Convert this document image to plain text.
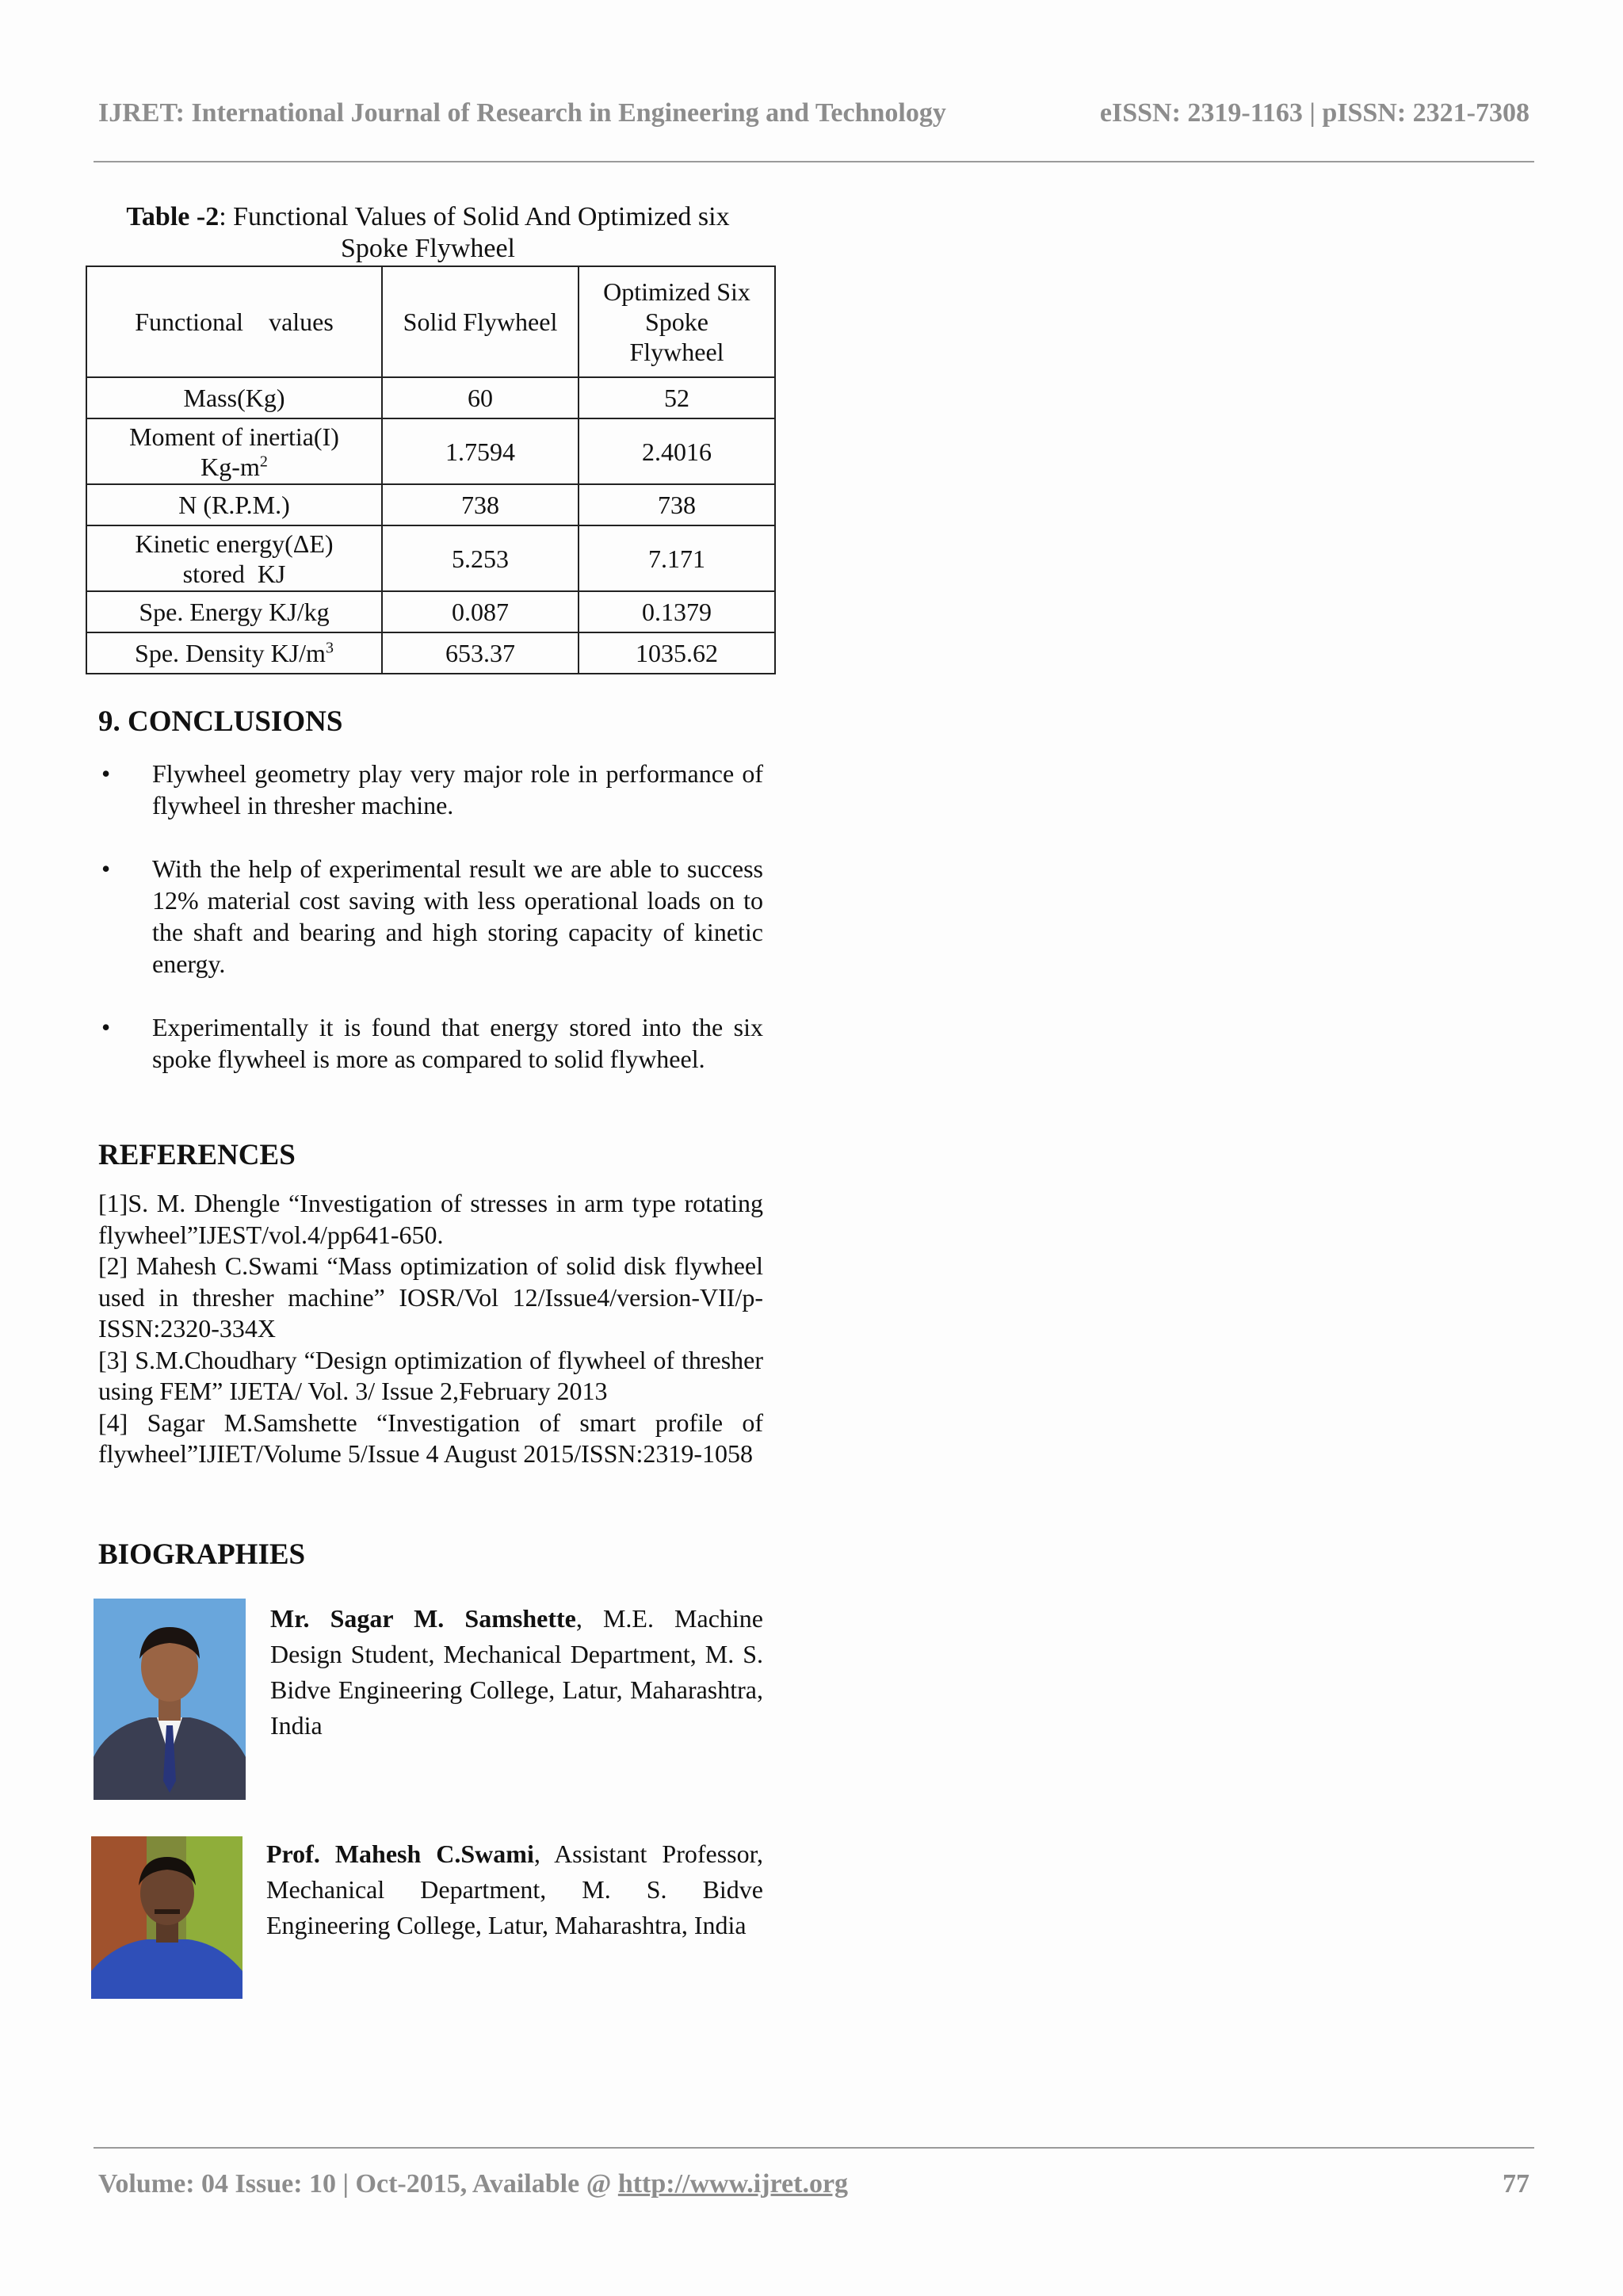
IJRET: International Journal of Research in Engineering and Technology	eISSN: 2319-1163 | pISSN: 2321-7308
Table -2: Functional Values of Solid And Optimized six Spoke Flywheel
Functional    values	Solid Flywheel	Optimized Six Spoke Flywheel

Mass(Kg)	60	52
Moment of inertia(I)
$Kg-m^2$	1.7594	2.4016
N (R.P.M.)	738	738
Kinetic energy(ΔE)
stored  KJ	5.253	7.171
Spe. Energy KJ/kg	0.087	0.1379
Spe. Density $KJ/m^3$	653.37	1035.62
9. CONCLUSIONS
• Flywheel geometry play very major role in performance of flywheel in thresher machine.
• With the help of experimental result we are able to success 12% material cost saving with less operational loads on to the shaft and bearing and high storing capacity of kinetic energy.
• Experimentally it is found that energy stored into the six spoke flywheel is more as compared to solid flywheel.
REFERENCES

[1]S. M. Dhengle “Investigation of stresses in arm type rotating flywheel”IJEST/vol.4/pp641-650.

[2] Mahesh C.Swami “Mass optimization of solid disk flywheel used in thresher machine” IOSR/Vol 12/Issue4/version-VII/p-ISSN:2320-334X

[3] S.M.Choudhary “Design optimization of flywheel of thresher using FEM” IJETA/ Vol. 3/ Issue 2,February 2013

[4] Sagar M.Samshette “Investigation of smart profile of flywheel”IJIET/Volume 5/Issue 4 August 2015/ISSN:2319-1058

BIOGRAPHIES
Mr. Sagar M. Samshette, M.E. Machine Design Student, Mechanical Department, M. S. Bidve Engineering College, Latur, Maharashtra, India
Prof. Mahesh C.Swami, Assistant Professor, Mechanical Department, M. S. Bidve Engineering College, Latur, Maharashtra, India
Volume: 04 Issue: 10 | Oct-2015, Available @ http://www.ijret.org	77
